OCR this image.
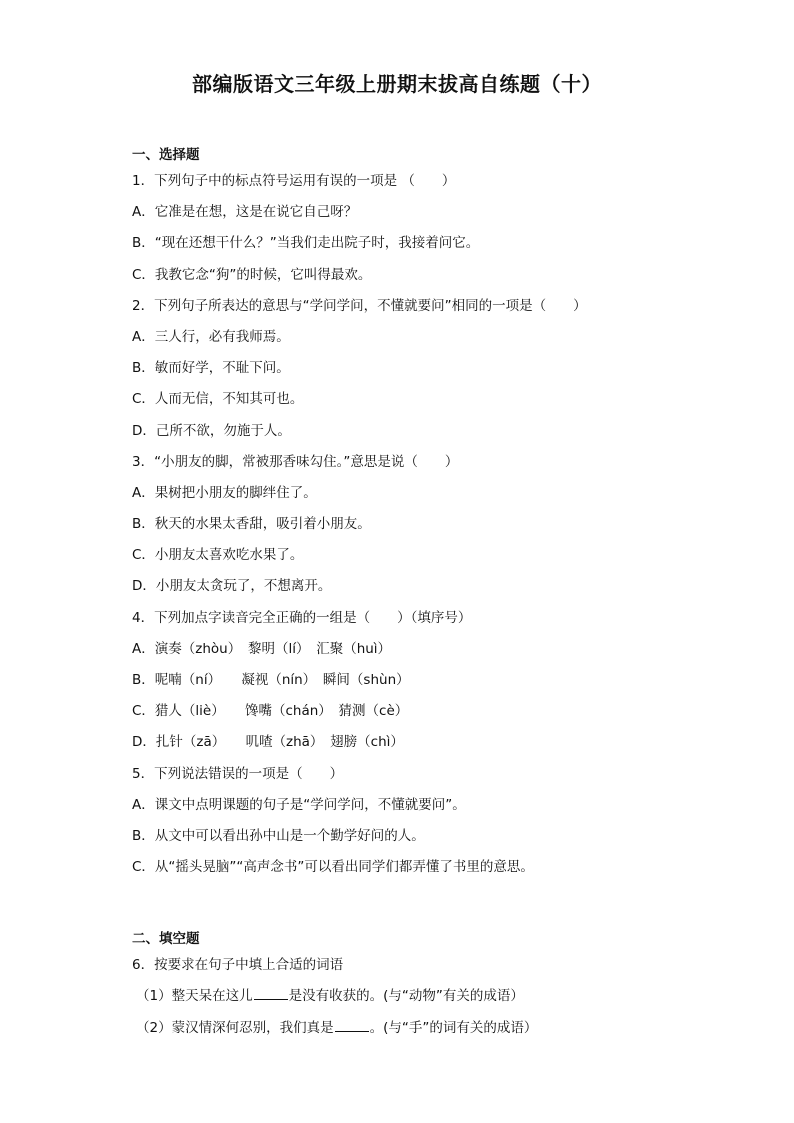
部编版语文三年级上册期末拔高自练题（十）
一、选择题
1．下列句子中的标点符号运用有误的一项是 （　　）
A．它准是在想，这是在说它自己呀？
B．“现在还想干什么？”当我们走出院子时，我接着问它。
C．我教它念“狗”的时候，它叫得最欢。
2．下列句子所表达的意思与“学问学问，不懂就要问”相同的一项是（　　）
A．三人行，必有我师焉。
B．敏而好学，不耻下问。
C．人而无信，不知其可也。
D．己所不欲，勿施于人。
3．“小朋友的脚，常被那香味勾住。”意思是说（　　）
A．果树把小朋友的脚绊住了。
B．秋天的水果太香甜，吸引着小朋友。
C．小朋友太喜欢吃水果了。
D．小朋友太贪玩了，不想离开。
4．下列加点字读音完全正确的一组是（　　）（填序号）
A．演奏（zhòu）　黎明（lí）　汇聚（huì）
B．呢喃（ní）　　凝视（nín）　瞬间（shùn）
C．猎人（liè）　　馋嘴（chán）　猜测（cè）
D．扎针（zā）　　叽喳（zhā）　翅膀（chì）
5．下列说法错误的一项是（　　）
A．课文中点明课题的句子是“学问学问，不懂就要问”。
B．从文中可以看出孙中山是一个勤学好问的人。
C．从“摇头晃脑”“高声念书”可以看出同学们都弄懂了书里的意思。
二、填空题
6．按要求在句子中填上合适的词语
（1）整天呆在这儿	是没有收获的。(与“动物”有关的成语）
（2）蒙汉情深何忍别，我们真是	。(与“手”的词有关的成语）
